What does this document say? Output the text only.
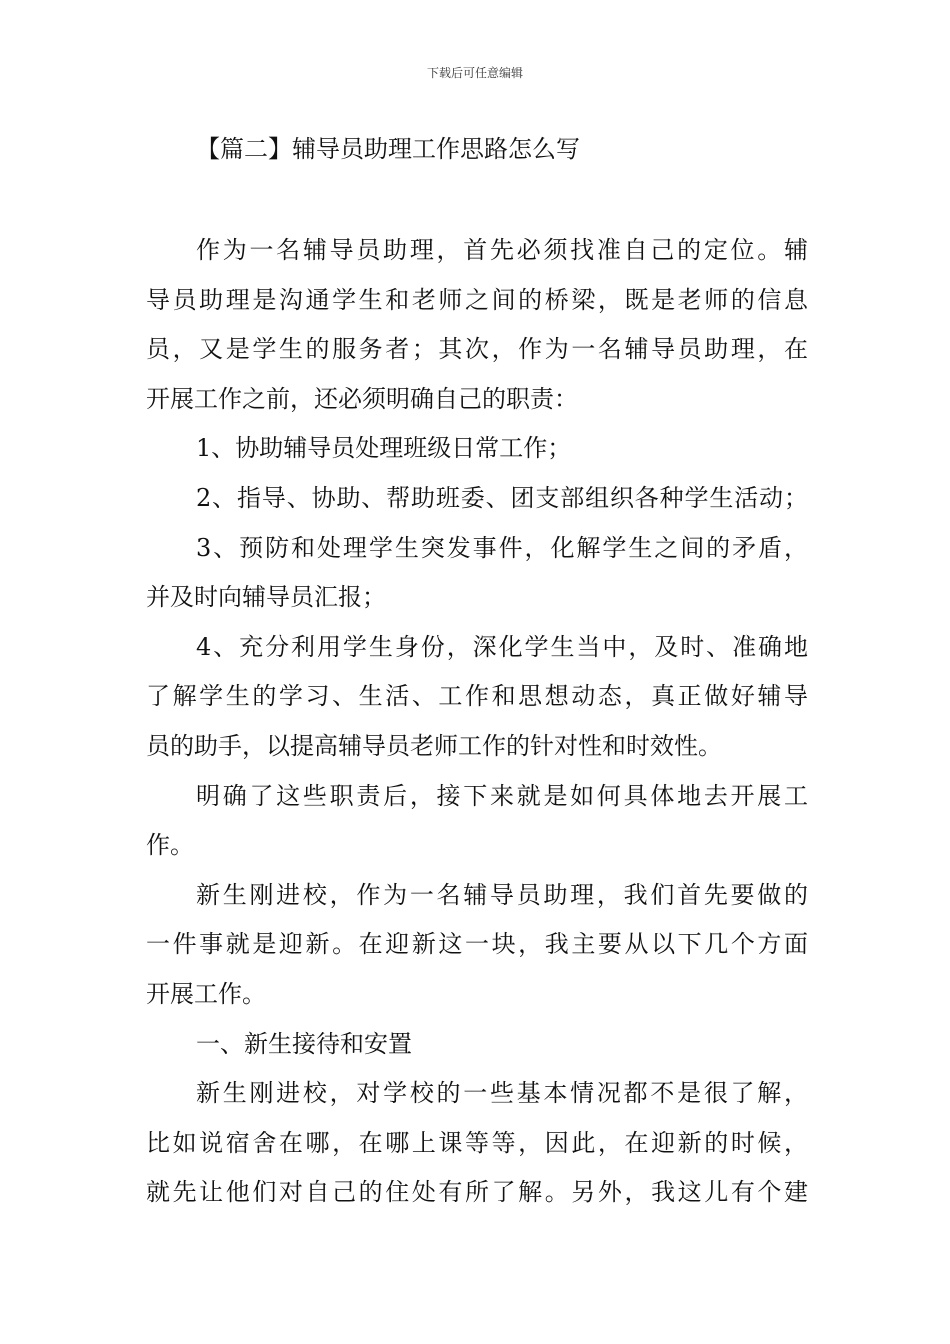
下载后可任意编辑
【篇二】辅导员助理工作思路怎么写
作为一名辅导员助理，首先必须找准自己的定位。辅
导员助理是沟通学生和老师之间的桥梁，既是老师的信息
员，又是学生的服务者；其次，作为一名辅导员助理，在
开展工作之前，还必须明确自己的职责：
1、协助辅导员处理班级日常工作；
2、指导、协助、帮助班委、团支部组织各种学生活动；
3、预防和处理学生突发事件，化解学生之间的矛盾，
并及时向辅导员汇报；
4、充分利用学生身份，深化学生当中，及时、准确地
了解学生的学习、生活、工作和思想动态，真正做好辅导
员的助手，以提高辅导员老师工作的针对性和时效性。
明确了这些职责后，接下来就是如何具体地去开展工
作。
新生刚进校，作为一名辅导员助理，我们首先要做的
一件事就是迎新。在迎新这一块，我主要从以下几个方面
开展工作。
一、新生接待和安置
新生刚进校，对学校的一些基本情况都不是很了解，
比如说宿舍在哪，在哪上课等等，因此，在迎新的时候，
就先让他们对自己的住处有所了解。另外，我这儿有个建
